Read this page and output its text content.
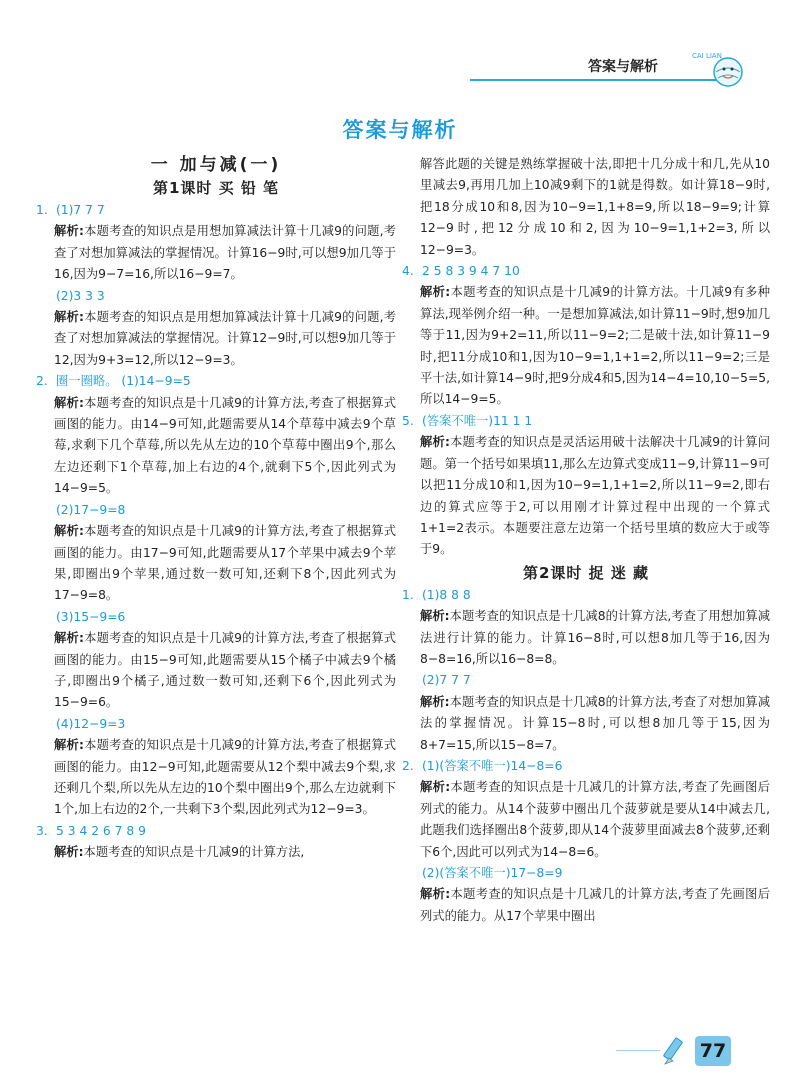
答案与解析
CAI LIAN
答案与解析
一 加与减(一)
第1课时 买 铅 笔
1. (1)7 7 7
解析:本题考查的知识点是用想加算减法计算十几减9的问题,考查了对想加算减法的掌握情况。计算16−9时,可以想9加几等于16,因为9−7=16,所以16−9=7。
(2)3 3 3
解析:本题考查的知识点是用想加算减法计算十几减9的问题,考查了对想加算减法的掌握情况。计算12−9时,可以想9加几等于12,因为9+3=12,所以12−9=3。
2. 圈一圈略。 (1)14−9=5
解析:本题考查的知识点是十几减9的计算方法,考查了根据算式画图的能力。由14−9可知,此题需要从14个草莓中减去9个草莓,求剩下几个草莓,所以先从左边的10个草莓中圈出9个,那么左边还剩下1个草莓,加上右边的4个,就剩下5个,因此列式为14−9=5。
(2)17−9=8
解析:本题考查的知识点是十几减9的计算方法,考查了根据算式画图的能力。由17−9可知,此题需要从17个苹果中减去9个苹果,即圈出9个苹果,通过数一数可知,还剩下8个,因此列式为17−9=8。
(3)15−9=6
解析:本题考查的知识点是十几减9的计算方法,考查了根据算式画图的能力。由15−9可知,此题需要从15个橘子中减去9个橘子,即圈出9个橘子,通过数一数可知,还剩下6个,因此列式为15−9=6。
(4)12−9=3
解析:本题考查的知识点是十几减9的计算方法,考查了根据算式画图的能力。由12−9可知,此题需要从12个梨中减去9个梨,求还剩几个梨,所以先从左边的10个梨中圈出9个,那么左边就剩下1个,加上右边的2个,一共剩下3个梨,因此列式为12−9=3。
3. 5 3 4 2 6 7 8 9
解析:本题考查的知识点是十几减9的计算方法,
解答此题的关键是熟练掌握破十法,即把十几分成十和几,先从10里减去9,再用几加上10减9剩下的1就是得数。如计算18−9时,把18分成10和8,因为10−9=1,1+8=9,所以18−9=9;计算12−9时,把12分成10和2,因为10−9=1,1+2=3,所以12−9=3。
4. 2 5 8 3 9 4 7 10
解析:本题考查的知识点是十几减9的计算方法。十几减9有多种算法,现举例介绍一种。一是想加算减法,如计算11−9时,想9加几等于11,因为9+2=11,所以11−9=2;二是破十法,如计算11−9时,把11分成10和1,因为10−9=1,1+1=2,所以11−9=2;三是平十法,如计算14−9时,把9分成4和5,因为14−4=10,10−5=5,所以14−9=5。
5. (答案不唯一)11 1 1
解析:本题考查的知识点是灵活运用破十法解决十几减9的计算问题。第一个括号如果填11,那么左边算式变成11−9,计算11−9可以把11分成10和1,因为10−9=1,1+1=2,所以11−9=2,即右边的算式应等于2,可以用刚才计算过程中出现的一个算式1+1=2表示。本题要注意左边第一个括号里填的数应大于或等于9。
第2课时 捉 迷 藏
1. (1)8 8 8
解析:本题考查的知识点是十几减8的计算方法,考查了用想加算减法进行计算的能力。计算16−8时,可以想8加几等于16,因为8−8=16,所以16−8=8。
(2)7 7 7
解析:本题考查的知识点是十几减8的计算方法,考查了对想加算减法的掌握情况。计算15−8时,可以想8加几等于15,因为8+7=15,所以15−8=7。
2. (1)(答案不唯一)14−8=6
解析:本题考查的知识点是十几减几的计算方法,考查了先画图后列式的能力。从14个菠萝中圈出几个菠萝就是要从14中减去几,此题我们选择圈出8个菠萝,即从14个菠萝里面减去8个菠萝,还剩下6个,因此可以列式为14−8=6。
(2)(答案不唯一)17−8=9
解析:本题考查的知识点是十几减几的计算方法,考查了先画图后列式的能力。从17个苹果中圈出
77
